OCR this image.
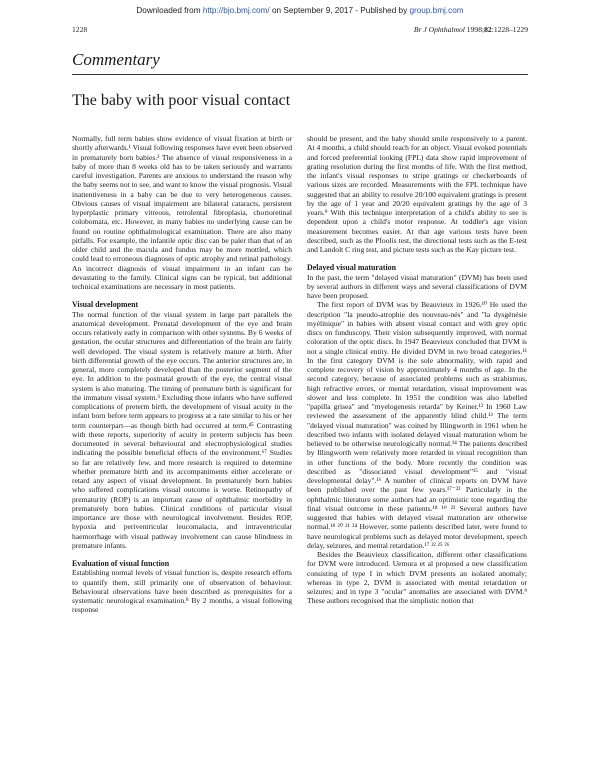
Downloaded from http://bjo.bmj.com/ on September 9, 2017 - Published by group.bmj.com
1228	Br J Ophthalmol 1998;82:1228–1229
Commentary
The baby with poor visual contact

Normally, full term babies show evidence of visual fixation at birth or shortly afterwards.¹ Visual following responses have even been observed in prematurely born babies.² The absence of visual responsiveness in a baby of more than 8 weeks old has to be taken seriously and warrants careful investigation. Parents are anxious to understand the reason why the baby seems not to see, and want to know the visual prognosis. Visual inattentiveness in a baby can be due to very heterogeneous causes. Obvious causes of visual impairment are bilateral cataracts, persistent hyperplastic primary vitreous, retrolental fibroplasia, chorioretinal colobomata, etc. However, in many babies no underlying cause can be found on routine ophthalmological examination. There are also many pitfalls. For example, the infantile optic disc can be paler than that of an older child and the macula and fundus may be more mottled, which could lead to erroneous diagnoses of optic atrophy and retinal pathology. An incorrect diagnosis of visual impairment in an infant can be devastating to the family. Clinical signs can be typical, but additional technical examinations are necessary in most patients.

Visual development

The normal function of the visual system in large part parallels the anatomical development. Prenatal development of the eye and brain occurs relatively early in comparison with other systems. By 6 weeks of gestation, the ocular structures and differentiation of the brain are fairly well developed. The visual system is relatively mature at birth. After birth differential growth of the eye occurs. The anterior structures are, in general, more completely developed than the posterior segment of the eye. In addition to the postnatal growth of the eye, the central visual system is also maturing. The timing of premature birth is significant for the immature visual system.³ Excluding those infants who have suffered complications of preterm birth, the development of visual acuity in the infant born before term appears to progress at a rate similar to his or her term counterpart—as though birth had occurred at term.⁴⁵ Contrasting with these reports, superiority of acuity in preterm subjects has been documented in several behavioural and electrophysiological studies indicating the possible beneficial effects of the environment.⁶⁷ Studies so far are relatively few, and more research is required to determine whether premature birth and its accompaniments either accelerate or retard any aspect of visual development. In prematurely born babies who suffered complications visual outcome is worse. Retinopathy of prematurity (ROP) is an important cause of ophthalmic morbidity in prematurely born babies. Clinical conditions of particular visual importance are those with neurological involvement. Besides ROP, hypoxia and periventricular leucomalacia, and intraventricular haemorrhage with visual pathway involvement can cause blindness in premature infants.

Evaluation of visual function

Establishing normal levels of visual function is, despite research efforts to quantify them, still primarily one of observation of behaviour. Behavioural observations have been described as prerequisites for a systematic neurological examination.⁸ By 2 months, a visual following response

should be present, and the baby should smile responsively to a parent. At 4 months, a child should reach for an object. Visual evoked potentials and forced preferential looking (FPL) data show rapid improvement of grating resolution during the first months of life. With the first method, the infant's visual responses to stripe gratings or checkerboards of various sizes are recorded. Measurements with the FPL technique have suggested that an ability to resolve 20/100 equivalent gratings is present by the age of 1 year and 20/20 equivalent gratings by the age of 3 years.⁹ With this technique interpretation of a child's ability to see is dependent upon a child's motor response. At toddler's age vision measurement becomes easier. At that age various tests have been described, such as the Pfoolis test, the directional tests such as the E-test and Landolt C ring test, and picture tests such as the Kay picture test.

Delayed visual maturation

In the past, the term "delayed visual maturation" (DVM) has been used by several authors in different ways and several classifications of DVM have been proposed.

The first report of DVM was by Beauvieux in 1926.¹⁰ He used the description "la pseudo-atrophie des nouveau-nés" and "la dysgénésie myélinique" in babies with absent visual contact and with grey optic discs on funduscopy. Their vision subsequently improved, with normal coloration of the optic discs. In 1947 Beauvieux concluded that DVM is not a single clinical entity. He divided DVM in two broad categories.¹¹ In the first category DVM is the sole abnormality, with rapid and complete recovery of vision by approximately 4 months of age. In the second category, because of associated problems such as strabismus, high refractive errors, or mental retardation, visual improvement was slower and less complete. In 1951 the condition was also labelled "papilla grisea" and "myelogenesis retarda" by Keiner.¹² In 1960 Law reviewed the assessment of the apparently blind child.¹³ The term "delayed visual maturation" was coined by Illingworth in 1961 when he described two infants with isolated delayed visual maturation whom he believed to be otherwise neurologically normal.¹⁴ The patients described by Illingworth were relatively more retarded in visual recognition than in other functions of the body. More recently the condition was described as "dissociated visual development"¹⁵ and "visual developmental delay".¹⁶ A number of clinical reports on DVM have been published over the past few years.¹⁷⁻²² Particularly in the ophthalmic literature some authors had an optimistic tone regarding the final visual outcome in these patients.¹⁸ ¹⁹ ²³ Several authors have suggested that babies with delayed visual maturation are otherwise normal.¹⁸ ²⁰ ²¹ ²⁴ However, some patients described later, were found to have neurological problems such as delayed motor development, speech delay, seizures, and mental retardation.¹⁷ ²² ²⁵ ²⁶

Besides the Beauvieux classification, different other classifications for DVM were introduced. Uemura et al proposed a new classification consisting of type I in which DVM presents an isolated anomaly; whereas in type 2, DVM is associated with mental retardation or seizures; and in type 3 "ocular" anomalies are associated with DVM.⁹ These authors recognised that the simplistic notion that
